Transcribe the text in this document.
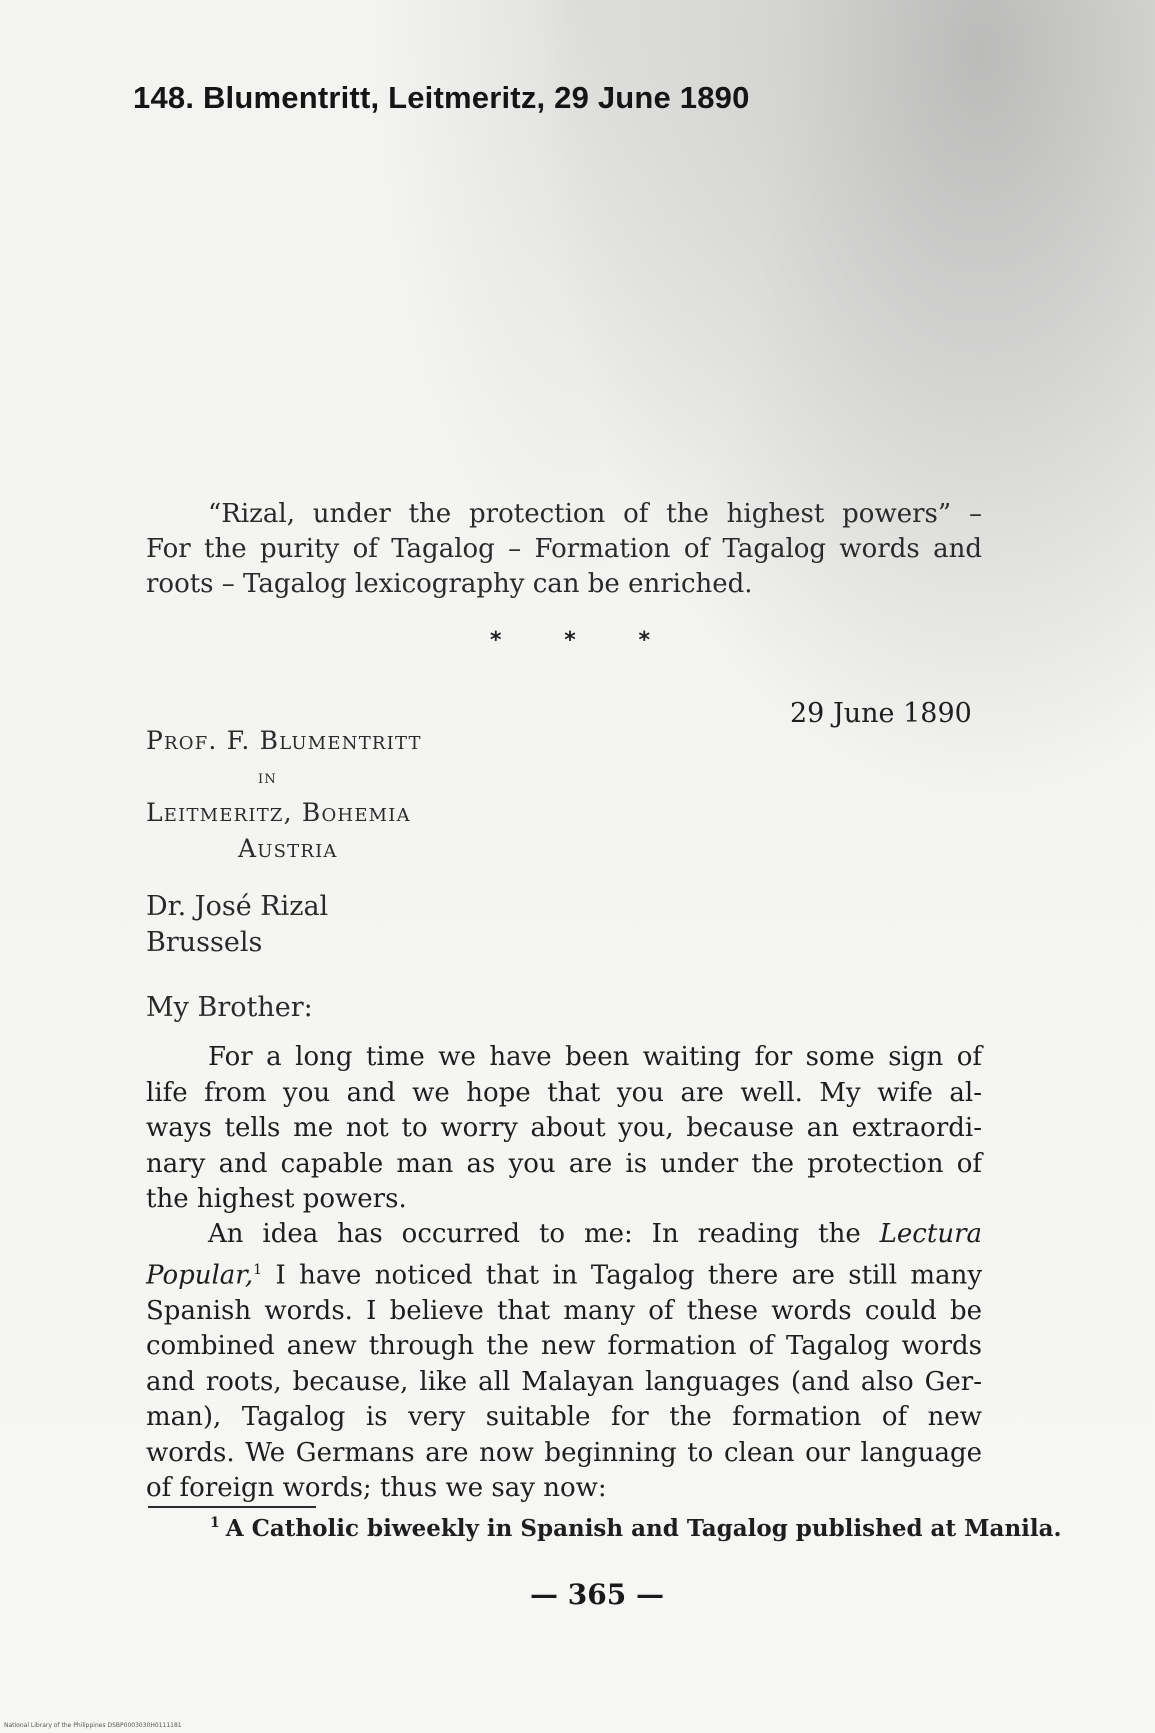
148. Blumentritt, Leitmeritz, 29 June 1890
“Rizal, under the protection of the highest powers” –
For the purity of Tagalog – Formation of Tagalog words and
roots – Tagalog lexicography can be enriched.
*	*	*
29 June 1890
Prof. F. Blumentritt
in
Leitmeritz, Bohemia
Austria
Dr. José Rizal
Brussels
My Brother:
For a long time we have been waiting for some sign of
life from you and we hope that you are well. My wife al-
ways tells me not to worry about you, because an extraordi-
nary and capable man as you are is under the protection of
the highest powers.
An idea has occurred to me: In reading the Lectura
Popular,$^1$ I have noticed that in Tagalog there are still many
Spanish words. I believe that many of these words could be
combined anew through the new formation of Tagalog words
and roots, because, like all Malayan languages (and also Ger-
man), Tagalog is very suitable for the formation of new
words. We Germans are now beginning to clean our language
of foreign words; thus we say now:
$^1$ A Catholic biweekly in Spanish and Tagalog published at Manila.
— 365 —
National Library of the Philippines DSBP0003030H0111181
